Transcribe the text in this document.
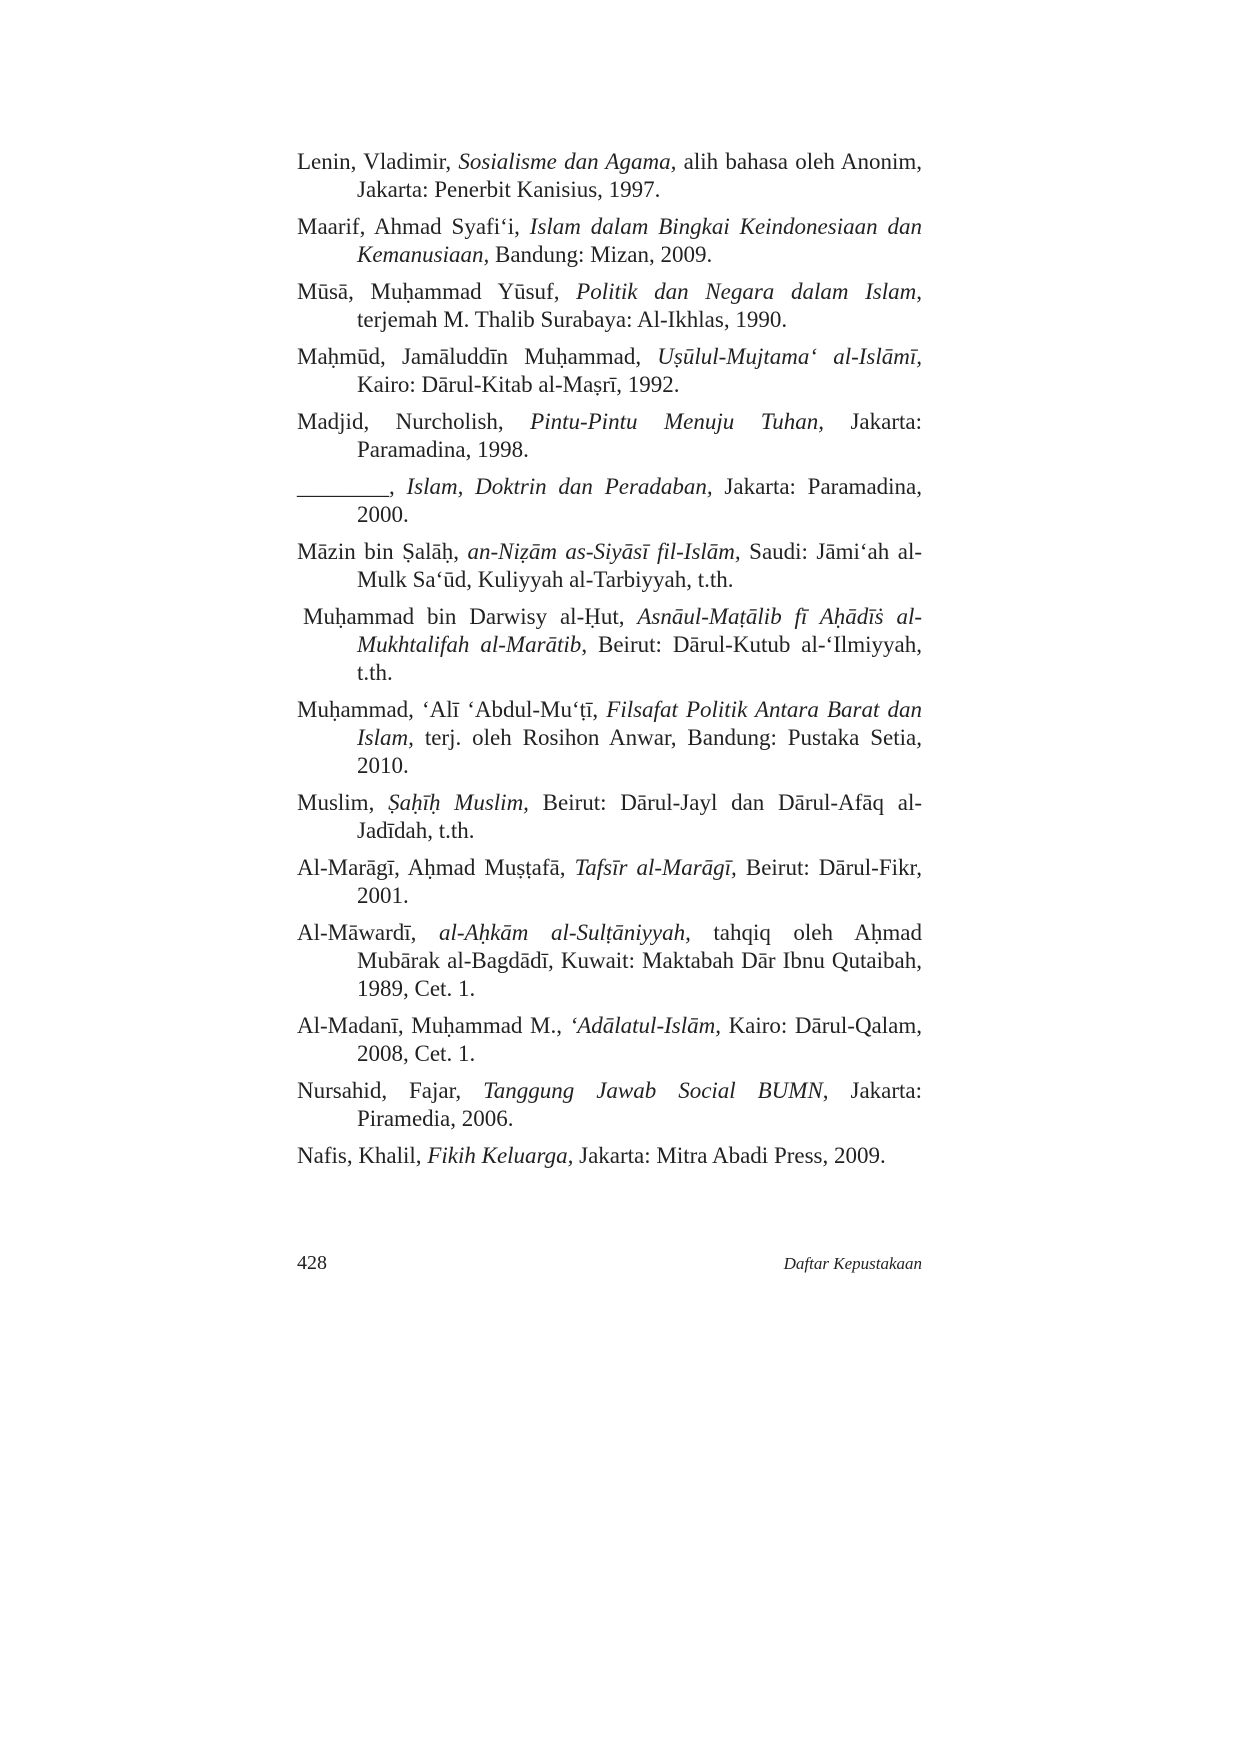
Lenin, Vladimir, Sosialisme dan Agama, alih bahasa oleh Anonim, Jakarta: Penerbit Kanisius, 1997.

Maarif, Ahmad Syafi‘i, Islam dalam Bingkai Keindonesiaan dan Kemanusiaan, Bandung: Mizan, 2009.

Mūsā, Muḥammad Yūsuf, Politik dan Negara dalam Islam, terjemah M. Thalib Surabaya: Al-Ikhlas, 1990.

Maḥmūd, Jamāluddīn Muḥammad, Uṣūlul-Mujtama‘ al-Islāmī, Kairo: Dārul-Kitab al-Maṣrī, 1992.

Madjid, Nurcholish, Pintu-Pintu Menuju Tuhan, Jakarta: Paramadina, 1998.

________, Islam, Doktrin dan Peradaban, Jakarta: Paramadina, 2000.

Māzin bin Ṣalāḥ, an-Niẓām as-Siyāsī fil-Islām, Saudi: Jāmi‘ah al-Mulk Sa‘ūd, Kuliyyah al-Tarbiyyah, t.th.

Muḥammad bin Darwisy al-Ḥut, Asnāul-Maṭālib fī Aḥādīṡ al-Mukhtalifah al-Marātib, Beirut: Dārul-Kutub al-‘Ilmiyyah, t.th.

Muḥammad, ‘Alī ‘Abdul-Mu‘ṭī, Filsafat Politik Antara Barat dan Islam, terj. oleh Rosihon Anwar, Bandung: Pustaka Setia, 2010.

Muslim, Ṣaḥīḥ Muslim, Beirut: Dārul-Jayl dan Dārul-Afāq al-Jadīdah, t.th.

Al-Marāgī, Aḥmad Muṣṭafā, Tafsīr al-Marāgī, Beirut: Dārul-Fikr, 2001.

Al-Māwardī, al-Aḥkām al-Sulṭāniyyah, tahqiq oleh Aḥmad Mubārak al-Bagdādī, Kuwait: Maktabah Dār Ibnu Qutaibah, 1989, Cet. 1.

Al-Madanī, Muḥammad M., ‘Adālatul-Islām, Kairo: Dārul-Qalam, 2008, Cet. 1.

Nursahid, Fajar, Tanggung Jawab Social BUMN, Jakarta: Piramedia, 2006.

Nafis, Khalil, Fikih Keluarga, Jakarta: Mitra Abadi Press, 2009.

428	Daftar Kepustakaan
